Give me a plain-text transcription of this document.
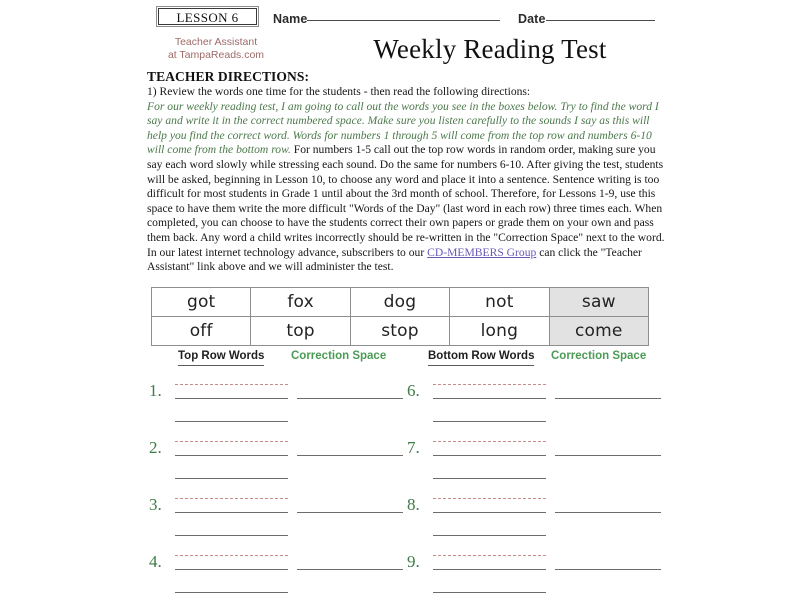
LESSON 6	Name	Date
Teacher Assistant
at TampaReads.com	Weekly Reading Test
TEACHER DIRECTIONS:
1) Review the words one time for the students - then read the following directions:
For our weekly reading test, I am going to call out the words you see in the boxes below. Try to find the word I say and write it in the correct numbered space. Make sure you listen carefully to the sounds I say as this will help you find the correct word. Words for numbers 1 through 5 will come from the top row and numbers 6-10 will come from the bottom row. For numbers 1-5 call out the top row words in random order, making sure you say each word slowly while stressing each sound. Do the same for numbers 6-10. After giving the test, students will be asked, beginning in Lesson 10, to choose any word and place it into a sentence. Sentence writing is too difficult for most students in Grade 1 until about the 3rd month of school. Therefore, for Lessons 1-9, use this space to have them write the more difficult "Words of the Day" (last word in each row) three times each. When completed, you can choose to have the students correct their own papers or grade them on your own and pass them back. Any word a child writes incorrectly should be re-written in the "Correction Space" next to the word. In our latest internet technology advance, subscribers to our CD-MEMBERS Group can click the "Teacher Assistant" link above and we will administer the test.
got	fox	dog	not	saw
off	top	stop	long	come
Top Row Words Correction Space	Bottom Row Words Correction Space
1.
2.
3.
4.
6.
7.
8.
9.
